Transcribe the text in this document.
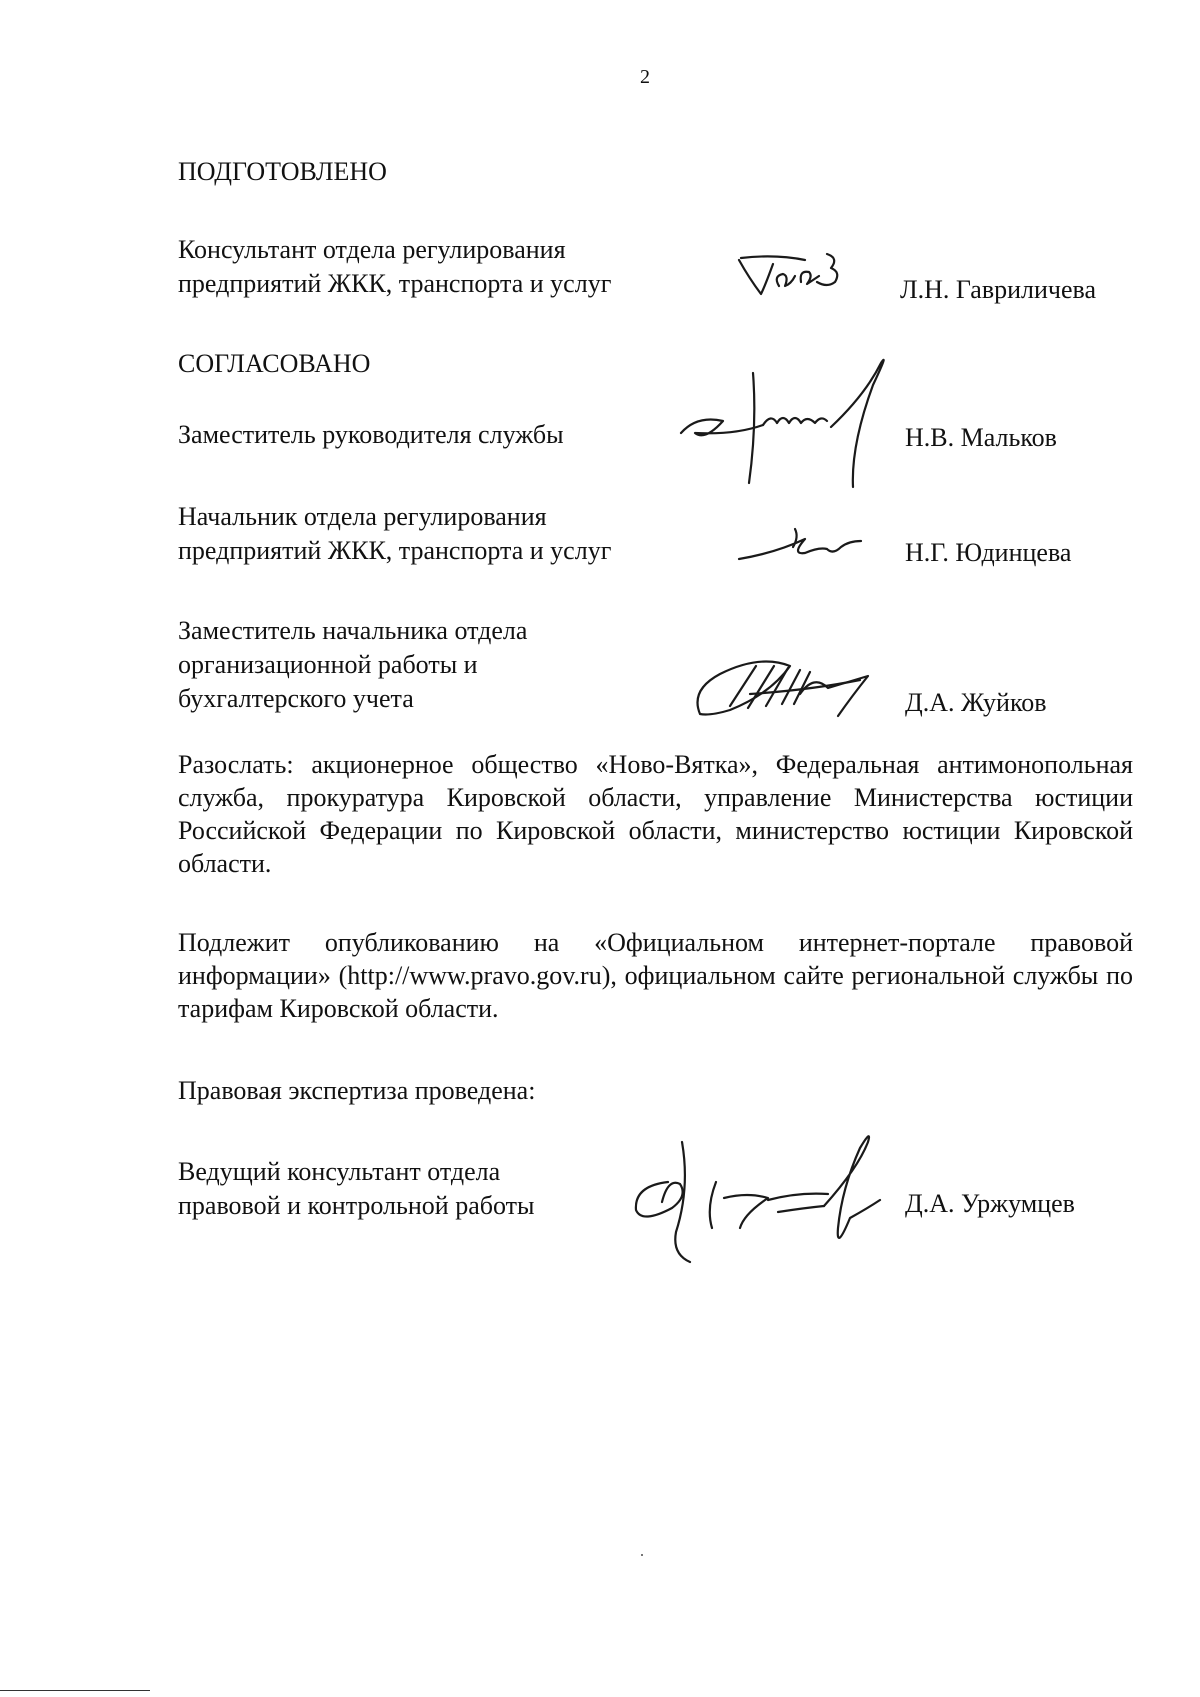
2
ПОДГОТОВЛЕНО
Консультант отдела регулирования
предприятий ЖКК, транспорта и услуг	Л.Н. Гавриличева
СОГЛАСОВАНО
Заместитель руководителя службы	Н.В. Мальков
Начальник отдела регулирования
предприятий ЖКК, транспорта и услуг	Н.Г. Юдинцева
Заместитель начальника отдела
организационной работы и
бухгалтерского учета	Д.А. Жуйков
Разослать: акционерное общество «Ново-Вятка», Федеральная антимонопольная служба, прокуратура Кировской области, управление Министерства юстиции Российской Федерации по Кировской области, министерство юстиции Кировской области.
Подлежит опубликованию на «Официальном интернет-портале правовой информации» (http://www.pravo.gov.ru), официальном сайте региональной службы по тарифам Кировской области.
Правовая экспертиза проведена:
Ведущий консультант отдела
правовой и контрольной работы	Д.А. Уржумцев
